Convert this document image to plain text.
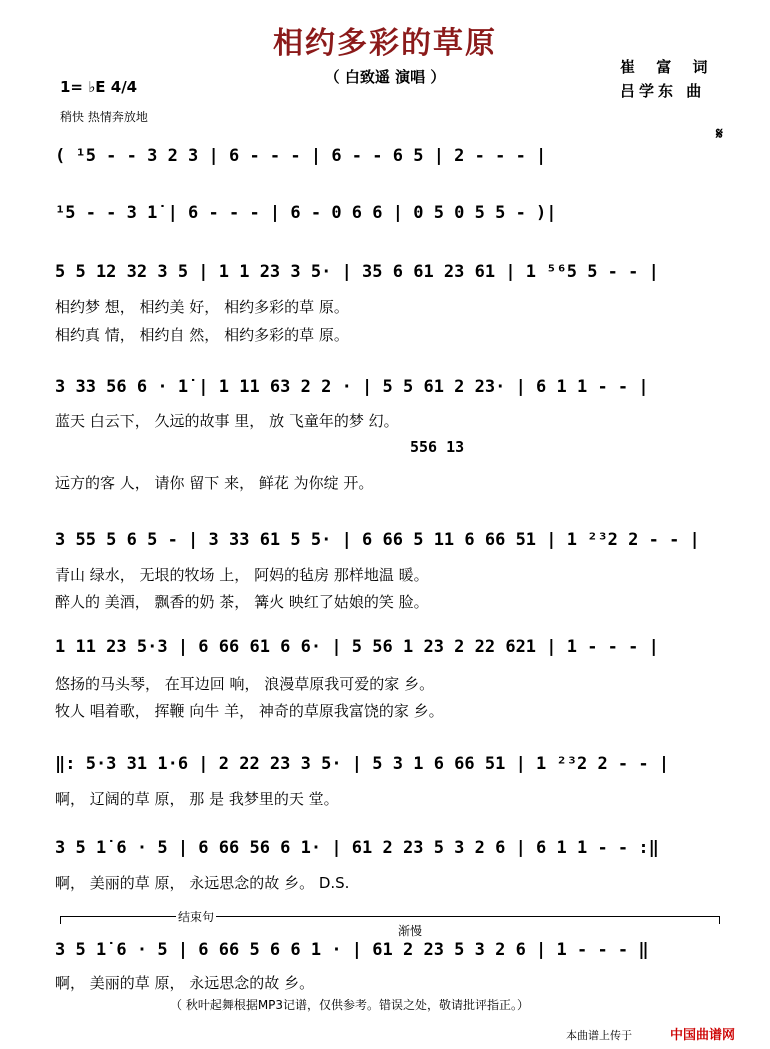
相约多彩的草原
（ 白致遥 演唱 ）
崔 富 词
吕学东 曲
1= ♭E 4/4
稍快 热情奔放地
𝄋
( ¹5 - - 3 2 3 | 6 - - - | 6 - - 6 5 | 2 - - - |
¹5 - - 3 1̇ | 6 - - - | 6 - 0 6 6 | 0 5 0 5 5 - )|
5 5 12 32 3 5 | 1 1 23 3 5· | 35 6 61 23 61 | 1 ⁵⁶5 5 - - |
相约梦 想， 相约美 好， 相约多彩的草 原。
相约真 情， 相约自 然， 相约多彩的草 原。
3 33 56 6 · 1̇ | 1 11 63 2 2 · | 5 5 61 2 23· | 6 1 1 - - |
蓝天 白云下， 久远的故事 里， 放 飞童年的梦 幻。
556 13
远方的客 人， 请你 留下 来， 鲜花 为你绽 开。
3 55 5 6 5 - | 3 33 61 5 5· | 6 66 5 11 6 66 51 | 1 ²³2 2 - - |
青山 绿水， 无垠的牧场 上， 阿妈的毡房 那样地温 暖。
醉人的 美酒， 飘香的奶 茶， 篝火 映红了姑娘的笑 脸。
1 11 23 5·3 | 6 66 61 6 6· | 5 56 1 23 2 22 621 | 1 - - - |
悠扬的马头琴， 在耳边回 响， 浪漫草原我可爱的家 乡。
牧人 唱着歌， 挥鞭 向牛 羊， 神奇的草原我富饶的家 乡。
‖: 5·3 31 1·6 | 2 22 23 3 5· | 5 3 1 6 66 51 | 1 ²³2 2 - - |
啊， 辽阔的草 原， 那 是 我梦里的天 堂。
3 5 1̇ 6 · 5 | 6 66 56 6 1· | 61 2 23 5 3 2 6 | 6 1 1 - - :‖
啊， 美丽的草 原， 永远思念的故 乡。 D.S.
结束句
渐慢
3 5 1̇ 6 · 5 | 6 66 5 6 6 1 · | 61 2 23 5 3 2 6 | 1 - - - ‖
啊， 美丽的草 原， 永远思念的故 乡。
（ 秋叶起舞根据MP3记谱，仅供参考。错误之处，敬请批评指正。）
本曲谱上传于	中国曲谱网
